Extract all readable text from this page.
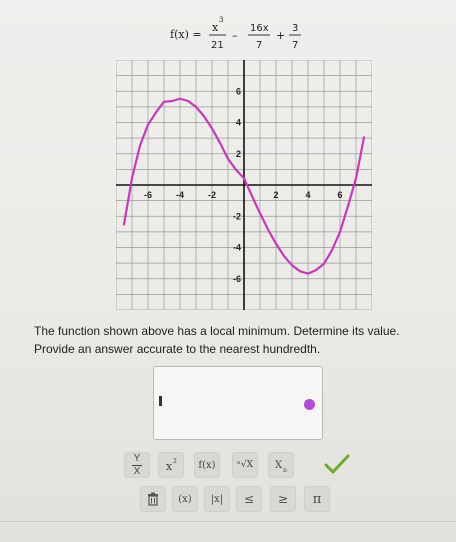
f(x) =
x
3
21
–
16x
7
+
3
7
-6	-4	-2	2	4	6
6
4
2
-2
-4
-6
The function shown above has a local minimum. Determine its value.
Provide an answer accurate to the nearest hundredth.
$\frac{Y}{X}$ x 2 f(x) ⁿ√X X n
(x) |x| ≤ ≥ π
